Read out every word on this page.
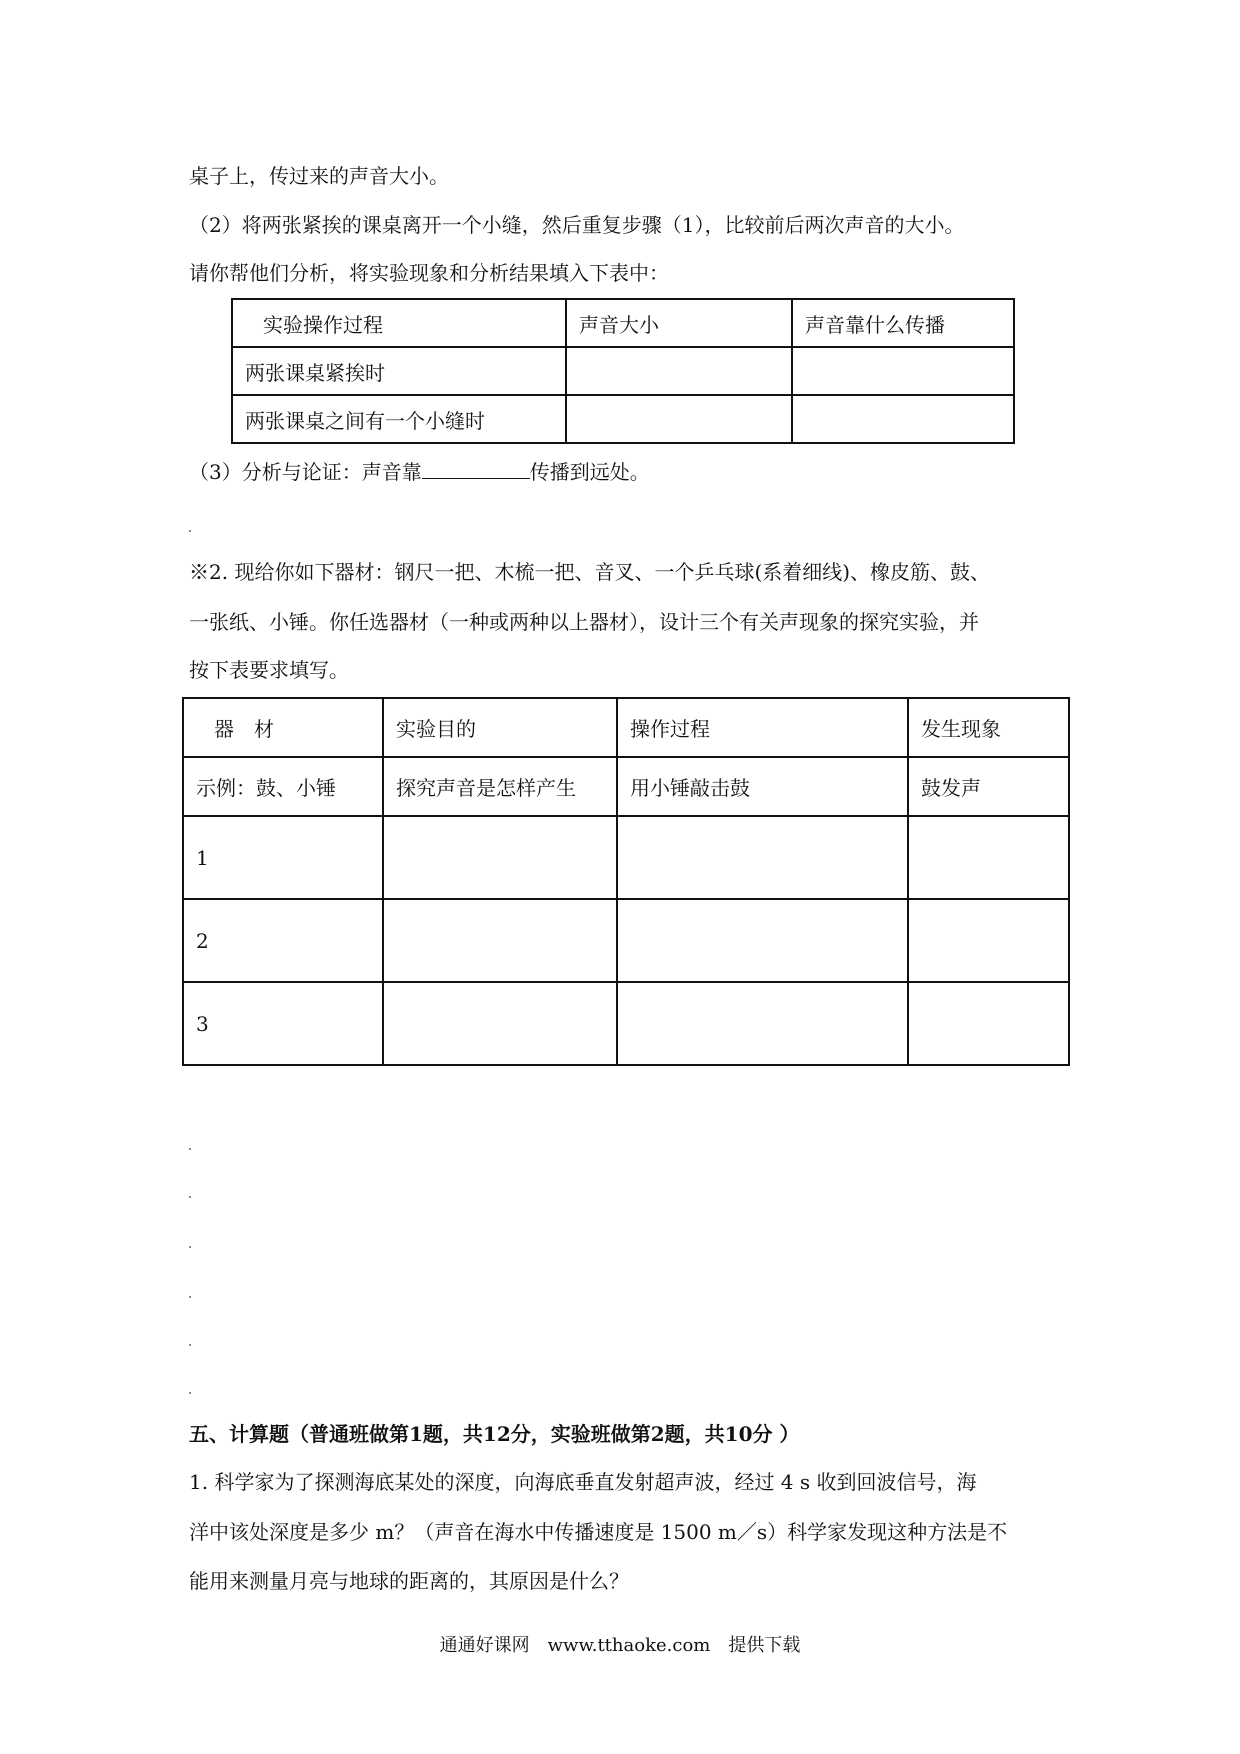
桌子上，传过来的声音大小。
（2）将两张紧挨的课桌离开一个小缝，然后重复步骤（1），比较前后两次声音的大小。
请你帮他们分析，将实验现象和分析结果填入下表中：
实验操作过程	声音大小	声音靠什么传播
两张课桌紧挨时		
两张课桌之间有一个小缝时		
（3）分析与论证：声音靠	传播到远处。
※2. 现给你如下器材：钢尺一把、木梳一把、音叉、一个乒乓球(系着细线)、橡皮筋、鼓、
一张纸、小锤。你任选器材（一种或两种以上器材），设计三个有关声现象的探究实验，并
按下表要求填写。
器　材	实验目的	操作过程	发生现象
示例：鼓、小锤	探究声音是怎样产生	用小锤敲击鼓	鼓发声
1			
2			
3			
五、计算题（普通班做第1题，共12分，实验班做第2题，共10分 ）
1. 科学家为了探测海底某处的深度，向海底垂直发射超声波，经过 4 s 收到回波信号，海
洋中该处深度是多少 m？（声音在海水中传播速度是 1500 m／s）科学家发现这种方法是不
能用来测量月亮与地球的距离的，其原因是什么？
通通好课网　www.tthaoke.com　提供下载
